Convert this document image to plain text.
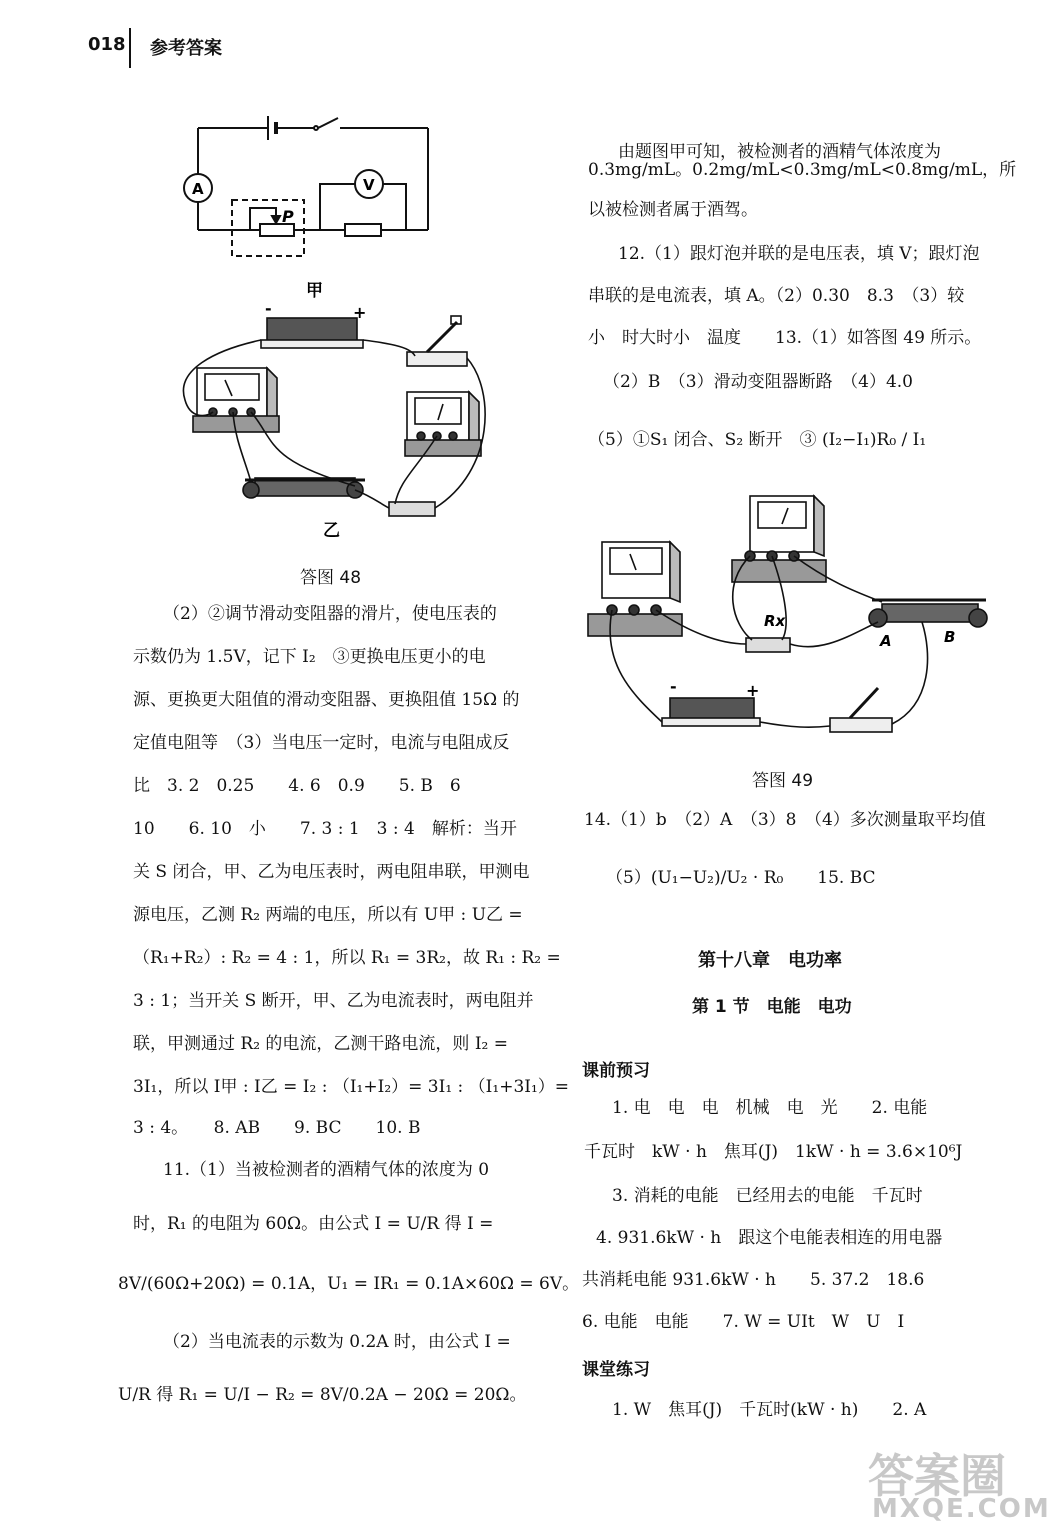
018 参考答案
A	V
P
甲
-	+
乙
答图 48
（2）②调节滑动变阻器的滑片，使电压表的
示数仍为 1.5V，记下 I₂　③更换电压更小的电
源、更换更大阻值的滑动变阻器、更换阻值 15Ω 的
定值电阻等　（3）当电压一定时，电流与电阻成反
比　3. 2　0.25　　4. 6　0.9　　5. B　6
10　　6. 10　小　　7. 3 : 1　3 : 4　解析：当开
关 S 闭合，甲、乙为电压表时，两电阻串联，甲测电
源电压，乙测 R₂ 两端的电压，所以有 U甲 : U乙 =
（R₁+R₂）: R₂ = 4 : 1，所以 R₁ = 3R₂，故 R₁ : R₂ =
3 : 1；当开关 S 断开，甲、乙为电流表时，两电阻并
联，甲测通过 R₂ 的电流，乙测干路电流，则 I₂ =
3I₁，所以 I甲 : I乙 = I₂ : （I₁+I₂）= 3I₁ : （I₁+3I₁）=
3 : 4。　　8. AB　　9. BC　　10. B
11.（1）当被检测者的酒精气体的浓度为 0
时，R₁ 的电阻为 60Ω。由公式 I = U/R 得 I =
8V/(60Ω+20Ω) = 0.1A，U₁ = IR₁ = 0.1A×60Ω = 6V。
（2）当电流表的示数为 0.2A 时，由公式 I =
U/R 得 R₁ = U/I − R₂ = 8V/0.2A − 20Ω = 20Ω。
由题图甲可知，被检测者的酒精气体浓度为
0.3mg/mL。0.2mg/mL<0.3mg/mL<0.8mg/mL，所
以被检测者属于酒驾。
12.（1）跟灯泡并联的是电压表，填 V；跟灯泡
串联的是电流表，填 A。（2）0.30　8.3　（3）较
小　时大时小　温度　　13.（1）如答图 49 所示。
（2）B　（3）滑动变阻器断路　（4）4.0
（5）①S₁ 闭合、S₂ 断开　③ (I₂−I₁)R₀ / I₁
Rx
A	B
-	+
答图 49
14.（1）b　（2）A　（3）8　（4）多次测量取平均值
（5）(U₁−U₂)/U₂ · R₀　　15. BC
第十八章　电功率
第 1 节　电能　电功
课前预习
1. 电　电　电　机械　电　光　　2. 电能
千瓦时　kW · h　焦耳(J)　1kW · h = 3.6×10⁶J
3. 消耗的电能　已经用去的电能　千瓦时
4. 931.6kW · h　跟这个电能表相连的用电器
共消耗电能 931.6kW · h　　5. 37.2　18.6
6. 电能　电能　　7. W = UIt　W　U　I
课堂练习
1. W　焦耳(J)　千瓦时(kW · h)　　2. A
答案圈
MXQE.COM
